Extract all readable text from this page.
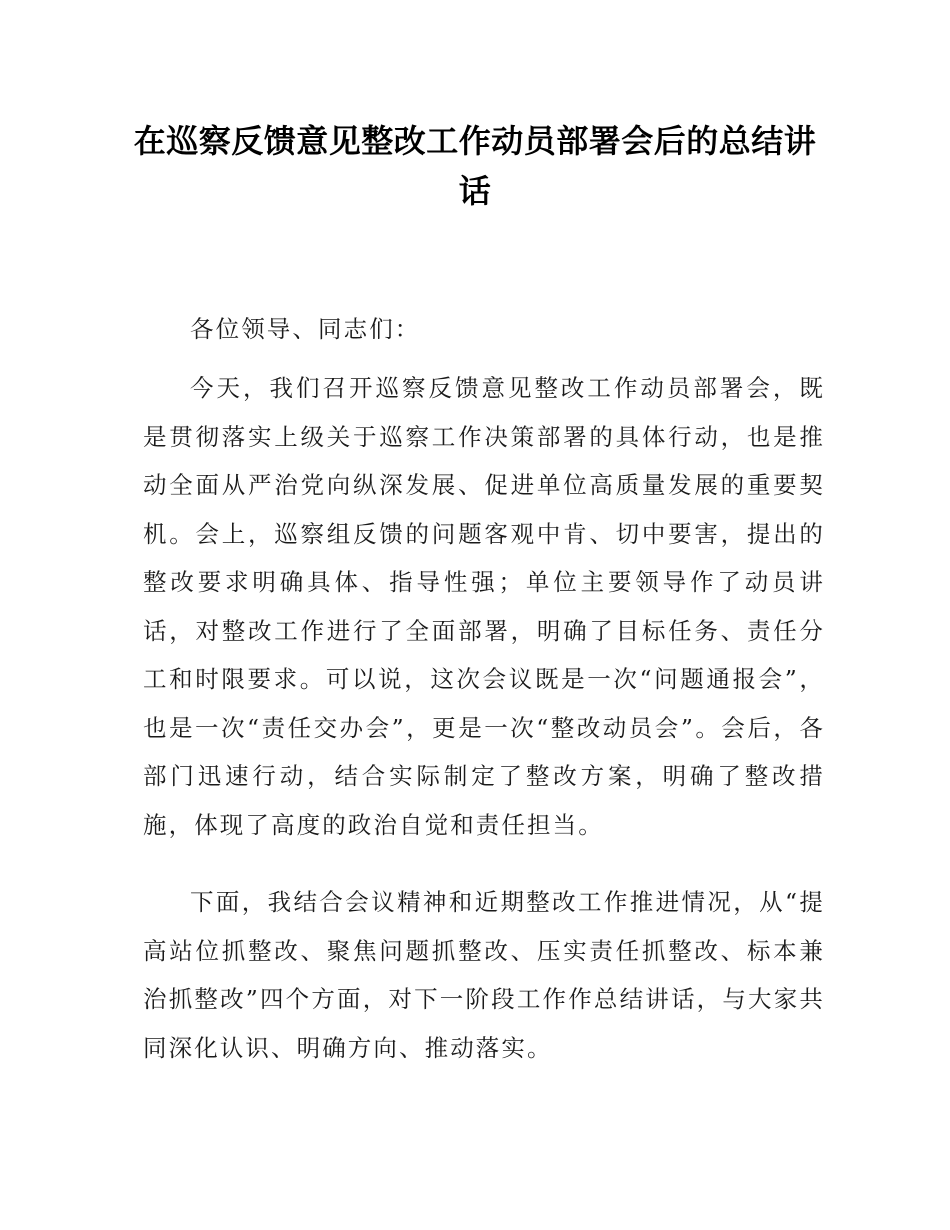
在巡察反馈意见整改工作动员部署会后的总结讲话

各位领导、同志们：

今天，我们召开巡察反馈意见整改工作动员部署会，既是贯彻落实上级关于巡察工作决策部署的具体行动，也是推动全面从严治党向纵深发展、促进单位高质量发展的重要契机。会上，巡察组反馈的问题客观中肯、切中要害，提出的整改要求明确具体、指导性强；单位主要领导作了动员讲话，对整改工作进行了全面部署，明确了目标任务、责任分工和时限要求。可以说，这次会议既是一次“问题通报会”，也是一次“责任交办会”，更是一次“整改动员会”。会后，各部门迅速行动，结合实际制定了整改方案，明确了整改措施，体现了高度的政治自觉和责任担当。

下面，我结合会议精神和近期整改工作推进情况，从“提高站位抓整改、聚焦问题抓整改、压实责任抓整改、标本兼治抓整改”四个方面，对下一阶段工作作总结讲话，与大家共同深化认识、明确方向、推动落实。
